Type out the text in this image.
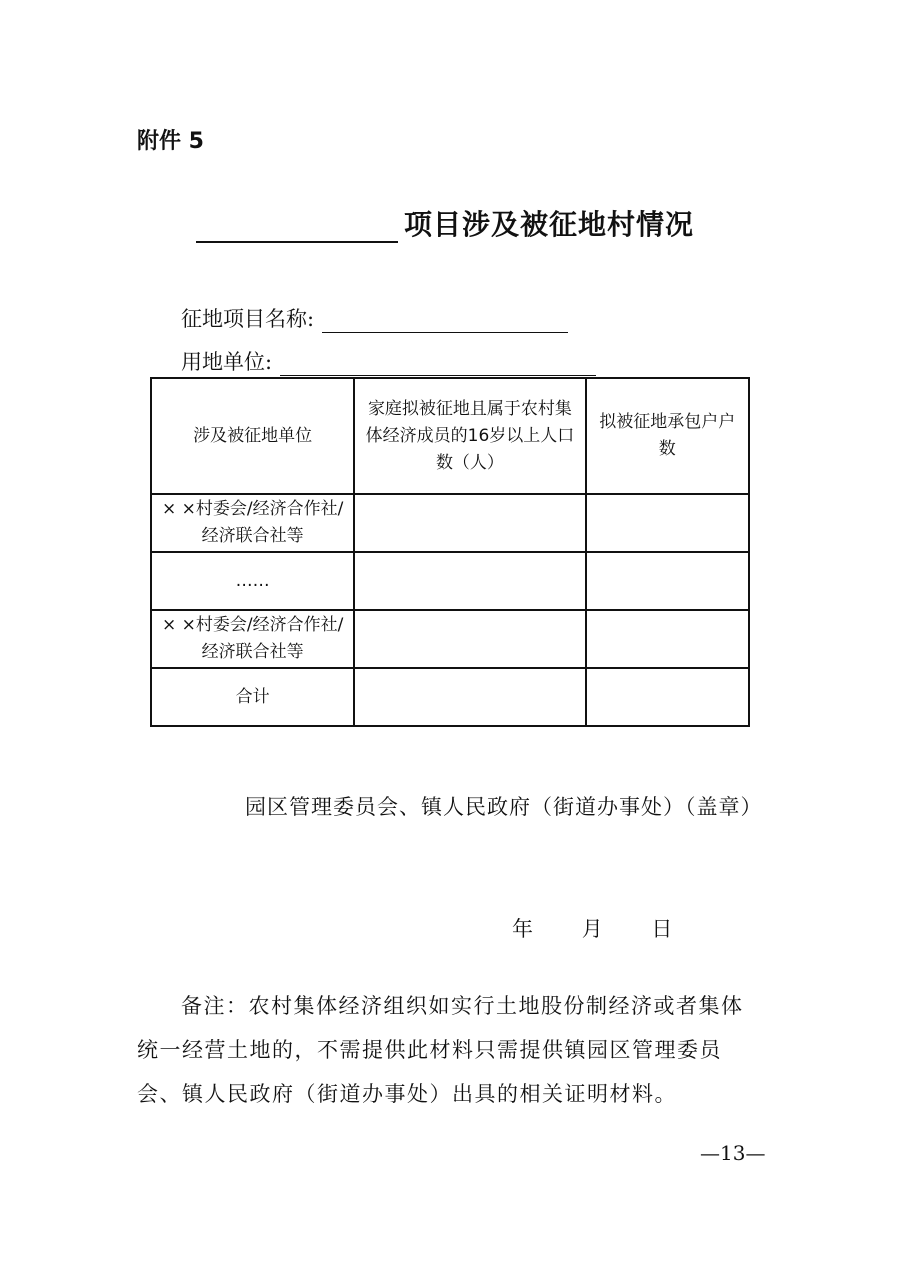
附件 5
项目涉及被征地村情况
征地项目名称:
用地单位:
涉及被征地单位	家庭拟被征地且属于农村集体经济成员的16岁以上人口数（人）	拟被征地承包户户数
× ×村委会/经济合作社/经济联合社等		
……		
× ×村委会/经济合作社/经济联合社等		
合计		
园区管理委员会、镇人民政府（街道办事处）（盖章）
年 月 日
备注：农村集体经济组织如实行土地股份制经济或者集体统一经营土地的，不需提供此材料只需提供镇园区管理委员会、镇人民政府（街道办事处）出具的相关证明材料。
—13—
